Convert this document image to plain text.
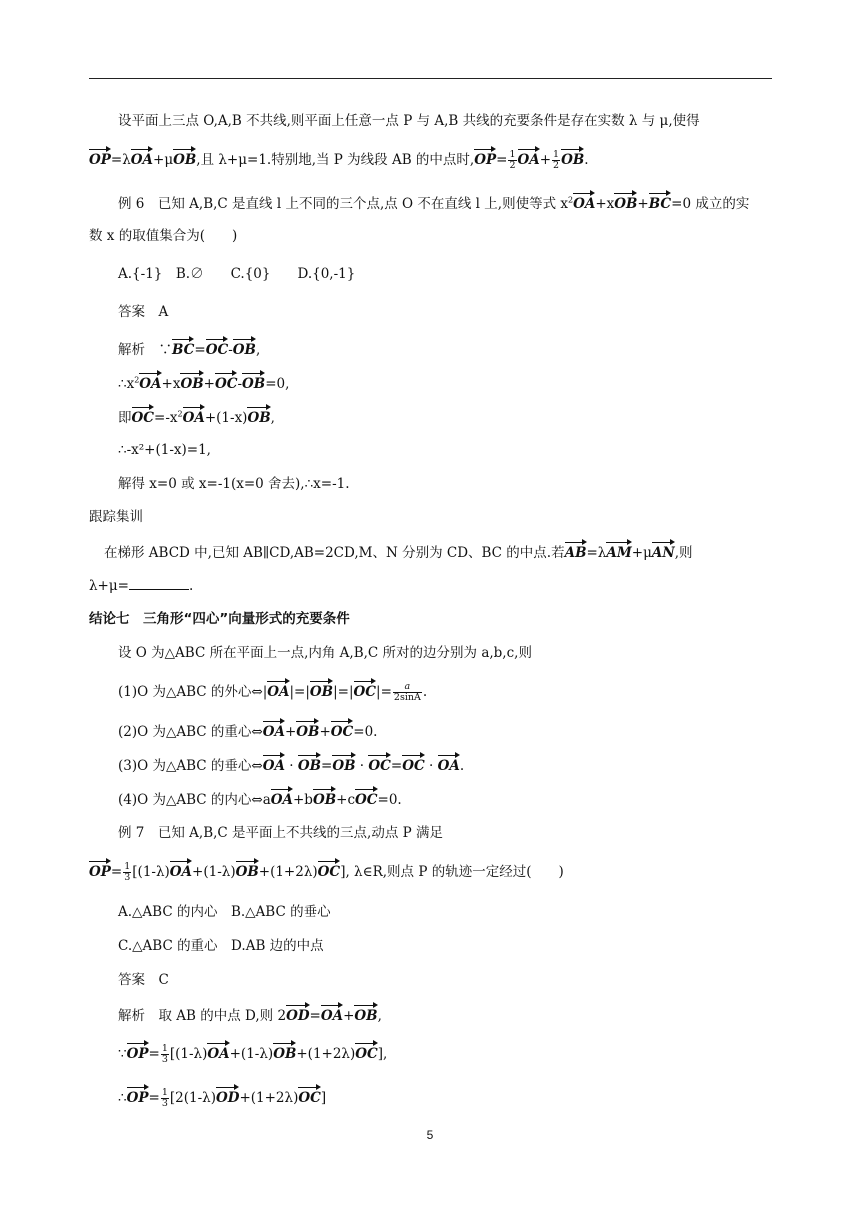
设平面上三点 O,A,B 不共线,则平面上任意一点 P 与 A,B 共线的充要条件是存在实数 λ 与 μ,使得
OP=λOA+μOB,且 λ+μ=1.特别地,当 P 为线段 AB 的中点时$,OP= \frac{1}{2} OA+ \frac{1}{2}$ OB.
例 6　已知 A,B,C 是直线 l 上不同的三个点,点 O 不在直线 l 上,则使等式 $x^2OA+xOB+BC=0$ 成立的实
数 x 的取值集合为(　　)
A.{-1}　B.∅　　C.{0}　　D.{0,-1}
答案　A
解析　∵BC=OC-OB,
$\therefore x^2OA+xOB+OC-OB=0$,
即$OC=-x^2OA+(1-x)OB$,
∴-x²+(1-x)=1,
解得 x=0 或 x=-1(x=0 舍去),∴x=-1.
跟踪集训
在梯形 ABCD 中,已知 AB∥CD,AB=2CD,M、N 分别为 CD、BC 的中点.若AB=λAM+μAN,则
λ+μ=	.
结论七　三角形“四心”向量形式的充要条件
设 O 为△ABC 所在平面上一点,内角 A,B,C 所对的边分别为 a,b,c,则
(1)O 为△ABC 的外心⇔|OA|=|OB|=|OC|= $\frac{a}{2\sin A}$ .
(2)O 为△ABC 的重心⇔OA+OB+OC=0.
(3)O 为△ABC 的垂心⇔OA · OB=OB · OC=OC · OA.
(4)O 为△ABC 的内心⇔aOA+bOB+cOC=0.
例 7　已知 A,B,C 是平面上不共线的三点,动点 P 满足
$OP= \frac{1}{3} [(1-\lambda)OA+(1-\lambda)OB+(1+2\lambda)OC]$, λ∈R,则点 P 的轨迹一定经过(　　)
A.△ABC 的内心　B.△ABC 的垂心
C.△ABC 的重心　D.AB 边的中点
答案　C
解析　取 AB 的中点 D,则 2OD=OA+OB,
∵OP= $\frac{1}{3} [(1-\lambda)OA+(1-\lambda)OB+(1+2\lambda)OC]$,
∴OP= $\frac{1}{3} [2(1-\lambda)OD+(1+2\lambda)OC]$
5
